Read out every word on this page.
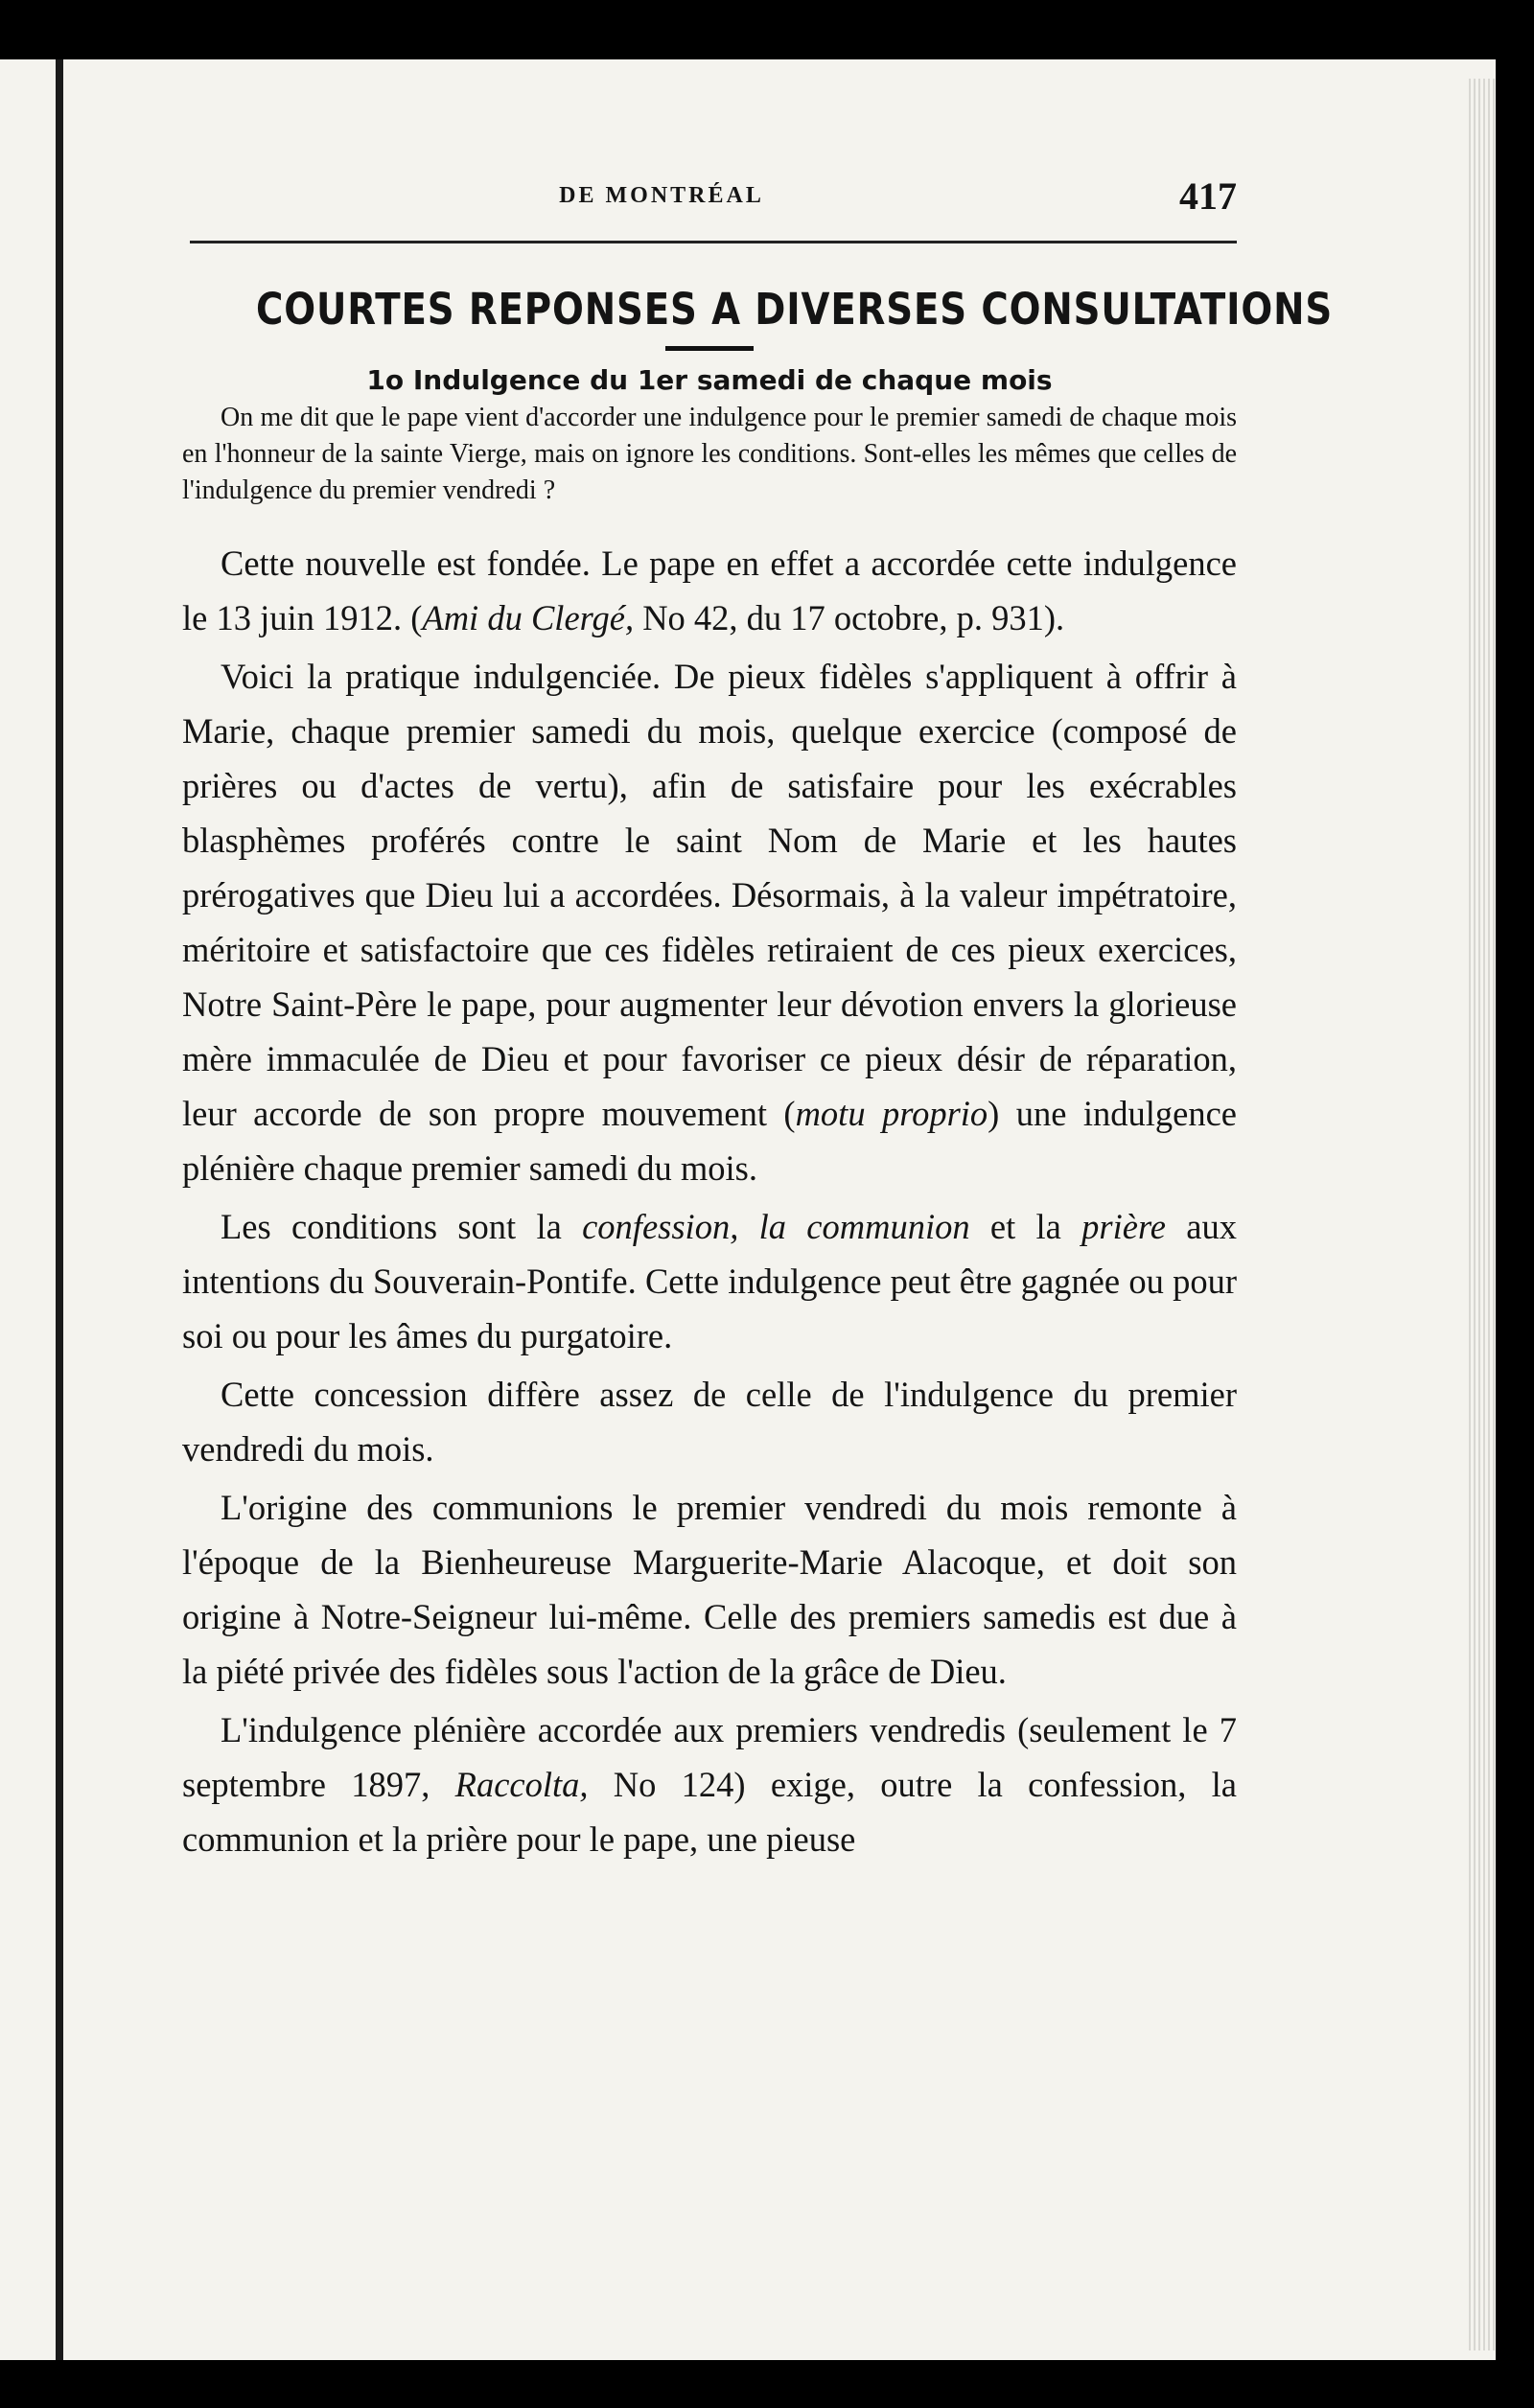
DE MONTRÉAL	417
COURTES REPONSES A DIVERSES CONSULTATIONS
1o Indulgence du 1er samedi de chaque mois

On me dit que le pape vient d'accorder une indulgence pour le premier samedi de chaque mois en l'honneur de la sainte Vierge, mais on ignore les conditions. Sont-elles les mêmes que celles de l'indulgence du premier vendredi ?

Cette nouvelle est fondée. Le pape en effet a accordée cette indulgence le 13 juin 1912. (Ami du Clergé, No 42, du 17 octobre, p. 931).

Voici la pratique indulgenciée. De pieux fidèles s'appliquent à offrir à Marie, chaque premier samedi du mois, quelque exercice (composé de prières ou d'actes de vertu), afin de satisfaire pour les exécrables blasphèmes proférés contre le saint Nom de Marie et les hautes prérogatives que Dieu lui a accordées. Désormais, à la valeur impétratoire, méritoire et satisfactoire que ces fidèles retiraient de ces pieux exercices, Notre Saint-Père le pape, pour augmenter leur dévotion envers la glorieuse mère immaculée de Dieu et pour favoriser ce pieux désir de réparation, leur accorde de son propre mouvement (motu proprio) une indulgence plénière chaque premier samedi du mois.

Les conditions sont la confession, la communion et la prière aux intentions du Souverain-Pontife. Cette indulgence peut être gagnée ou pour soi ou pour les âmes du purgatoire.

Cette concession diffère assez de celle de l'indulgence du premier vendredi du mois.

L'origine des communions le premier vendredi du mois remonte à l'époque de la Bienheureuse Marguerite-Marie Alacoque, et doit son origine à Notre-Seigneur lui-même. Celle des premiers samedis est due à la piété privée des fidèles sous l'action de la grâce de Dieu.

L'indulgence plénière accordée aux premiers vendredis (seulement le 7 septembre 1897, Raccolta, No 124) exige, outre la confession, la communion et la prière pour le pape, une pieuse
